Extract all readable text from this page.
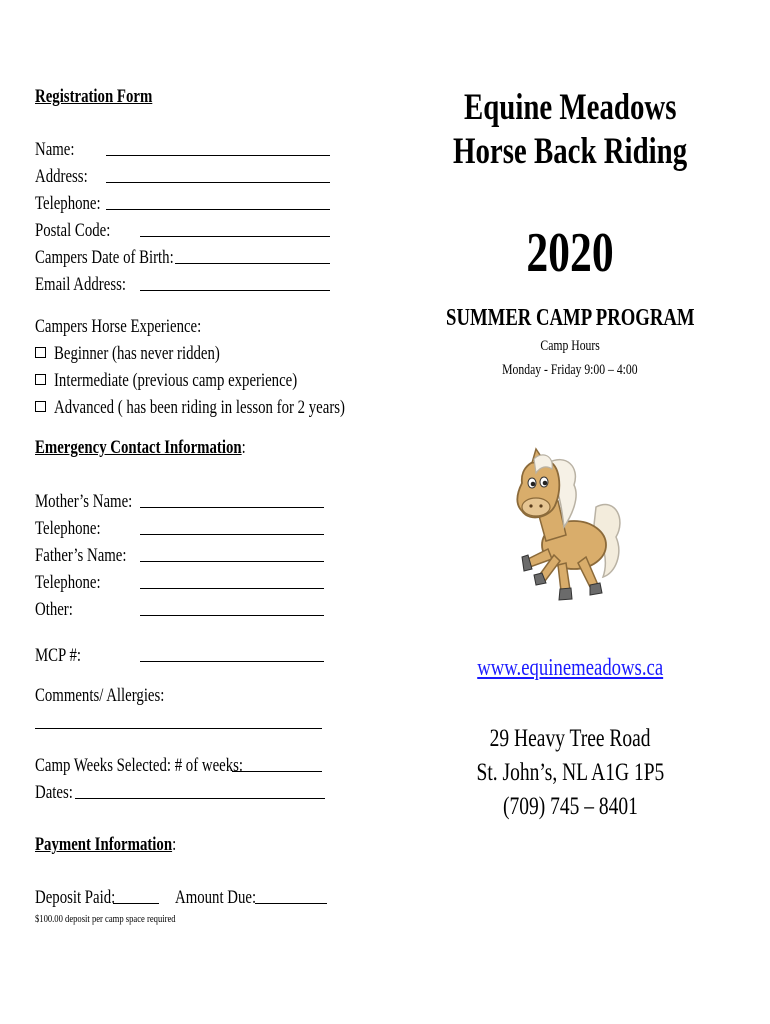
Registration Form
Name:
Address:
Telephone:
Postal Code:
Campers Date of Birth:
Email Address:
Campers Horse Experience:
Beginner (has never ridden)
Intermediate (previous camp experience)
Advanced ( has been riding in lesson for 2 years)
Emergency Contact Information:
Mother’s Name:
Telephone:
Father’s Name:
Telephone:
Other:
MCP #:
Comments/ Allergies:
Camp Weeks Selected: # of weeks:
Dates:
Payment Information:
Deposit Paid:	Amount Due:
$100.00 deposit per camp space required
Equine Meadows
Horse Back Riding
2020
SUMMER CAMP PROGRAM
Camp Hours
Monday - Friday 9:00 – 4:00
www.equinemeadows.ca
29 Heavy Tree Road
St. John’s, NL A1G 1P5
(709) 745 – 8401
